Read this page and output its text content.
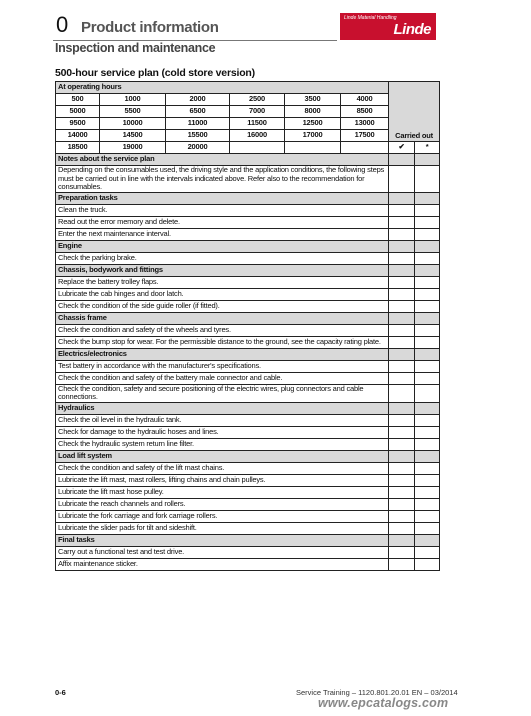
0 Product information
Inspection and maintenance
Linde Material Handling
Linde
500-hour service plan (cold store version)
At operating hours						Carried out	
500	1000	2000	2500	3500	4000		
5000	5500	6500	7000	8000	8500		
9500	10000	11000	11500	12500	13000		
14000	14500	15500	16000	17000	17500		
18500	19000	20000				✔	*
Notes about the service plan							
Depending on the consumables used, the driving style and the application conditions, the following steps must be carried out in line with the intervals indicated above. Refer also to the recommendation for consumables.							
Preparation tasks							
Clean the truck.							
Read out the error memory and delete.							
Enter the next maintenance interval.							
Engine							
Check the parking brake.							
Chassis, bodywork and fittings							
Replace the battery trolley flaps.							
Lubricate the cab hinges and door latch.							
Check the condition of the side guide roller (if fitted).							
Chassis frame							
Check the condition and safety of the wheels and tyres.							
Check the bump stop for wear. For the permissible distance to the ground, see the capacity rating plate.							
Electrics/electronics							
Test battery in accordance with the manufacturer's specifications.							
Check the condition and safety of the battery male connector and cable.							
Check the condition, safety and secure positioning of the electric wires, plug connectors and cable connections.							
Hydraulics							
Check the oil level in the hydraulic tank.							
Check for damage to the hydraulic hoses and lines.							
Check the hydraulic system return line filter.							
Load lift system							
Check the condition and safety of the lift mast chains.							
Lubricate the lift mast, mast rollers, lifting chains and chain pulleys.							
Lubricate the lift mast hose pulley.							
Lubricate the reach channels and rollers.							
Lubricate the fork carriage and fork carriage rollers.							
Lubricate the slider pads for tilt and sideshift.							
Final tasks							
Carry out a functional test and test drive.							
Affix maintenance sticker.							
0-6	Service Training – 1120.801.20.01 EN – 03/2014
www.epcatalogs.com
